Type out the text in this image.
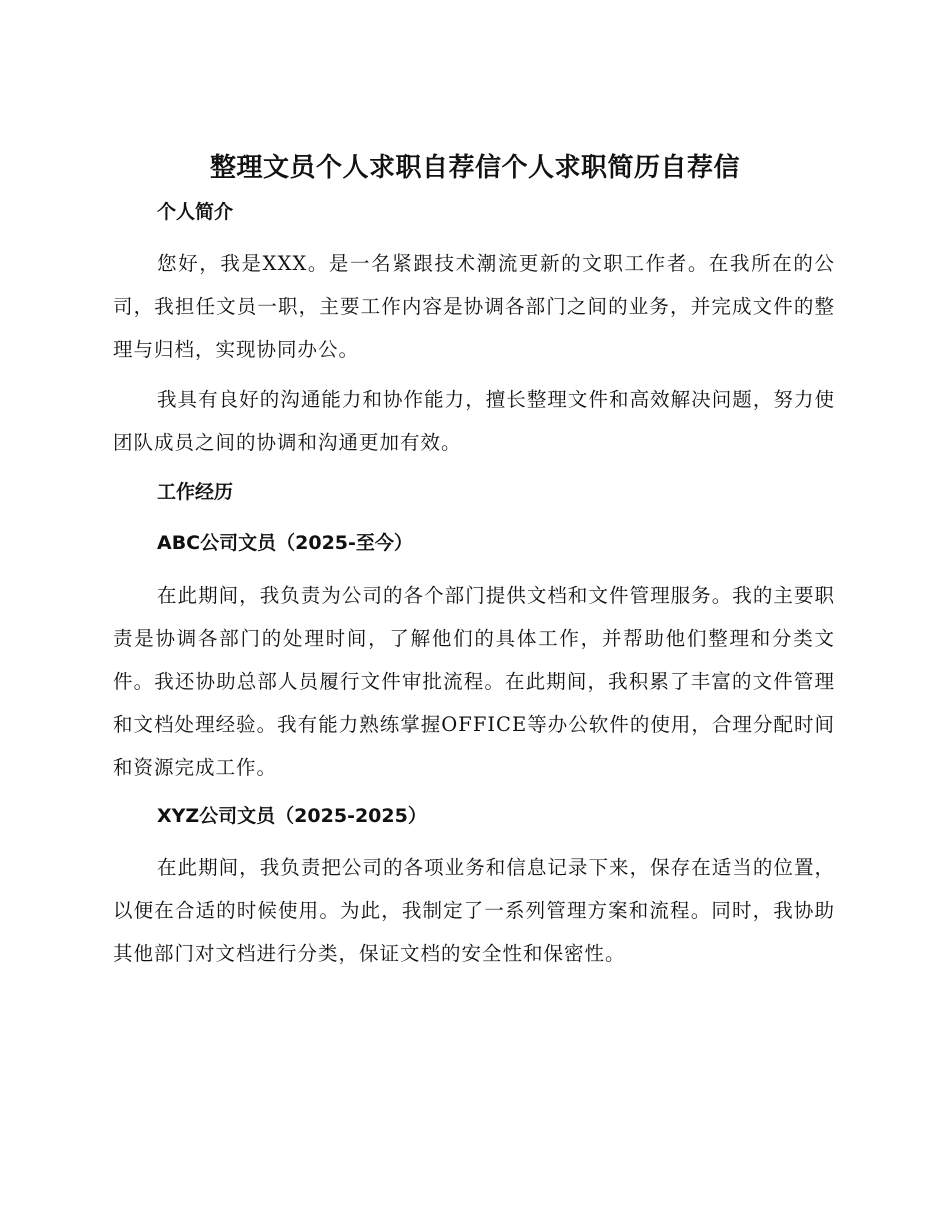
整理文员个人求职自荐信个人求职简历自荐信
个人简介

您好，我是XXX。是一名紧跟技术潮流更新的文职工作者。在我所在的公司，我担任文员一职，主要工作内容是协调各部门之间的业务，并完成文件的整理与归档，实现协同办公。

我具有良好的沟通能力和协作能力，擅长整理文件和高效解决问题，努力使团队成员之间的协调和沟通更加有效。

工作经历
ABC公司文员（2025-至今）

在此期间，我负责为公司的各个部门提供文档和文件管理服务。我的主要职责是协调各部门的处理时间，了解他们的具体工作，并帮助他们整理和分类文件。我还协助总部人员履行文件审批流程。在此期间，我积累了丰富的文件管理和文档处理经验。我有能力熟练掌握OFFICE等办公软件的使用，合理分配时间和资源完成工作。

XYZ公司文员（2025-2025）

在此期间，我负责把公司的各项业务和信息记录下来，保存在适当的位置，以便在合适的时候使用。为此，我制定了一系列管理方案和流程。同时，我协助其他部门对文档进行分类，保证文档的安全性和保密性。
